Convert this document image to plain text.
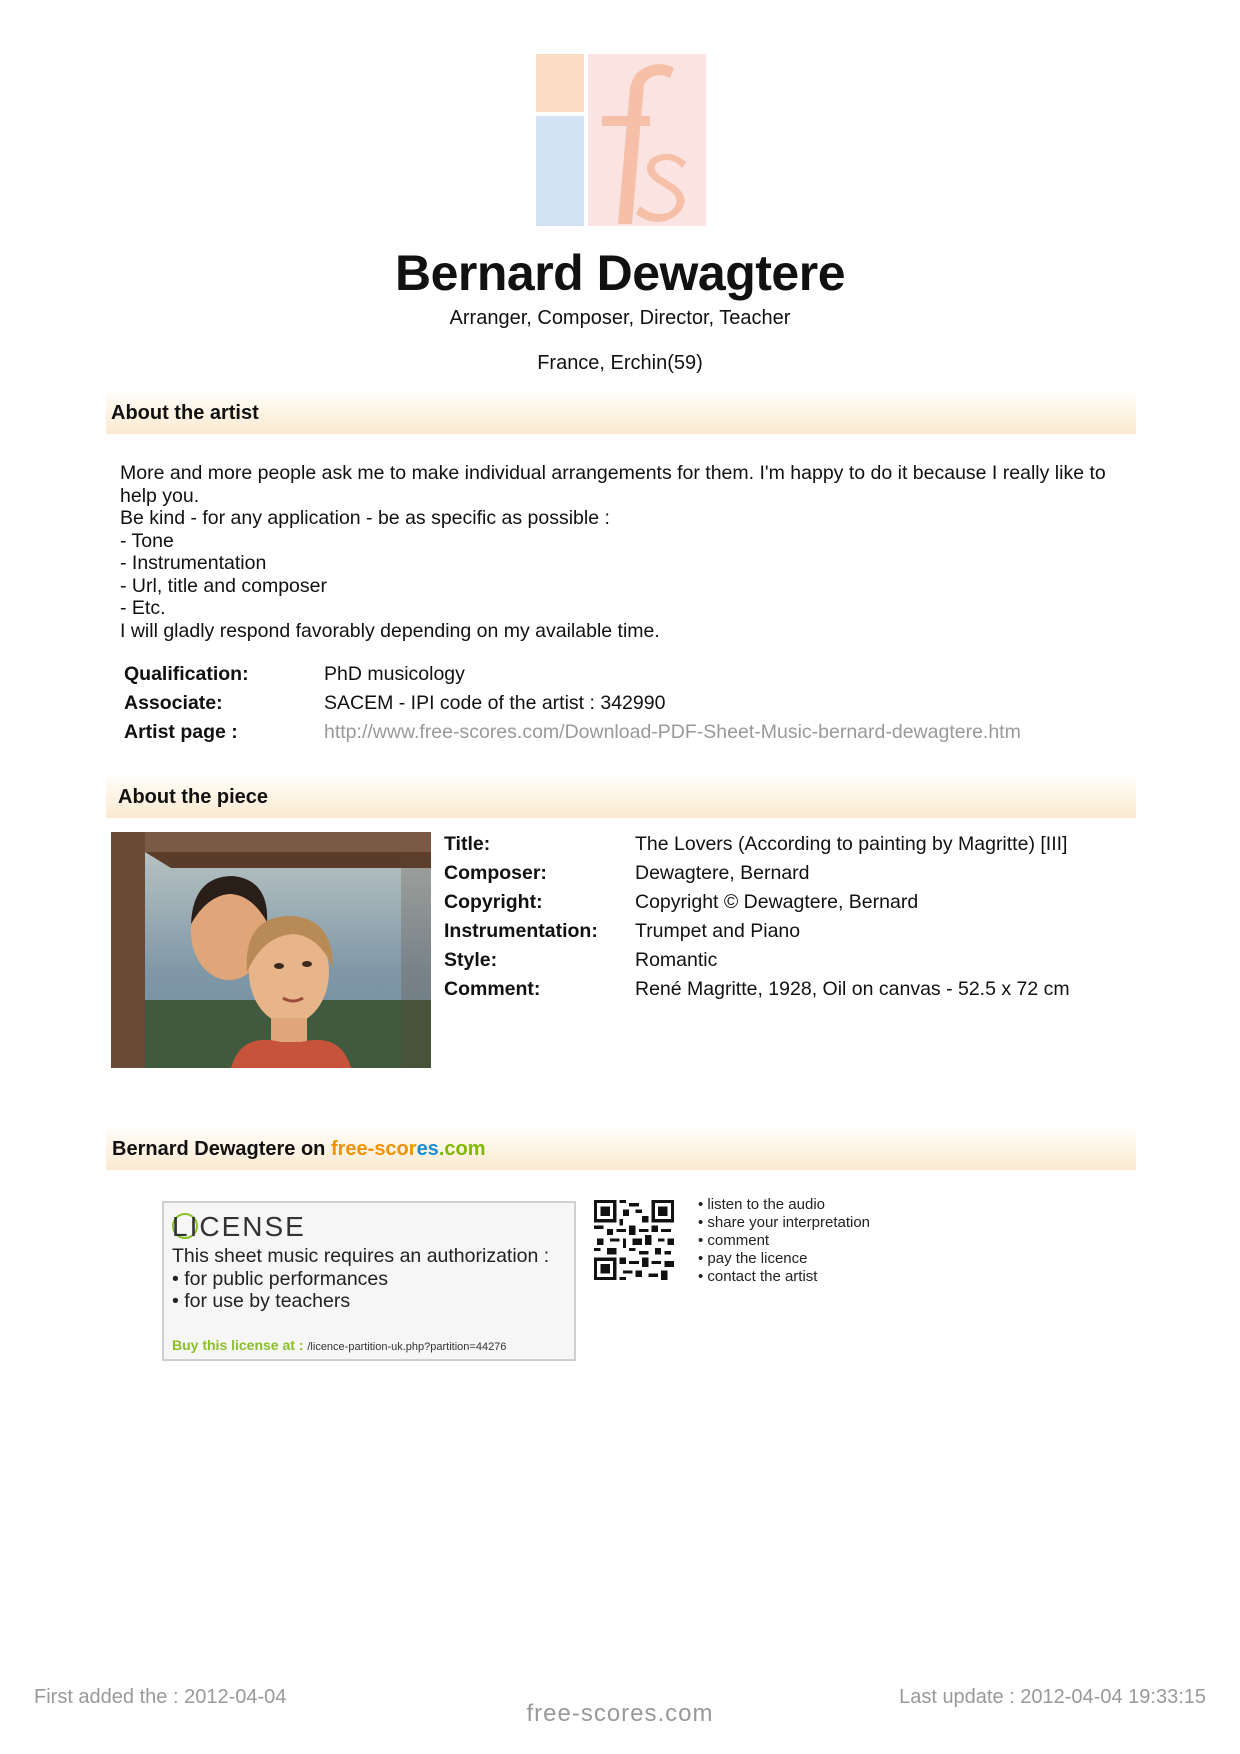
Bernard Dewagtere
Arranger, Composer, Director, Teacher
France, Erchin(59)
About the artist

More and more people ask me to make individual arrangements for them. I'm happy to do it because I really like to help you.

Be kind - for any application - be as specific as possible :

- Tone

- Instrumentation

- Url, title and composer

- Etc.

I will gladly respond favorably depending on my available time.

Qualification:	PhD musicology
Associate:	SACEM - IPI code of the artist : 342990
Artist page :	http://www.free-scores.com/Download-PDF-Sheet-Music-bernard-dewagtere.htm
About the piece
Title:	The Lovers (According to painting by Magritte) [III]
Composer:	Dewagtere, Bernard
Copyright:	Copyright © Dewagtere, Bernard
Instrumentation:	Trumpet and Piano
Style:	Romantic
Comment:	René Magritte, 1928, Oil on canvas - 52.5 x 72 cm
Bernard Dewagtere on free-scores.com
LICENSE

This sheet music requires an authorization :

• for public performances

• for use by teachers

Buy this license at : /licence-partition-uk.php?partition=44276

• listen to the audio

• share your interpretation

• comment

• pay the licence

• contact the artist

First added the : 2012-04-04	Last update : 2012-04-04 19:33:15
free-scores.com
